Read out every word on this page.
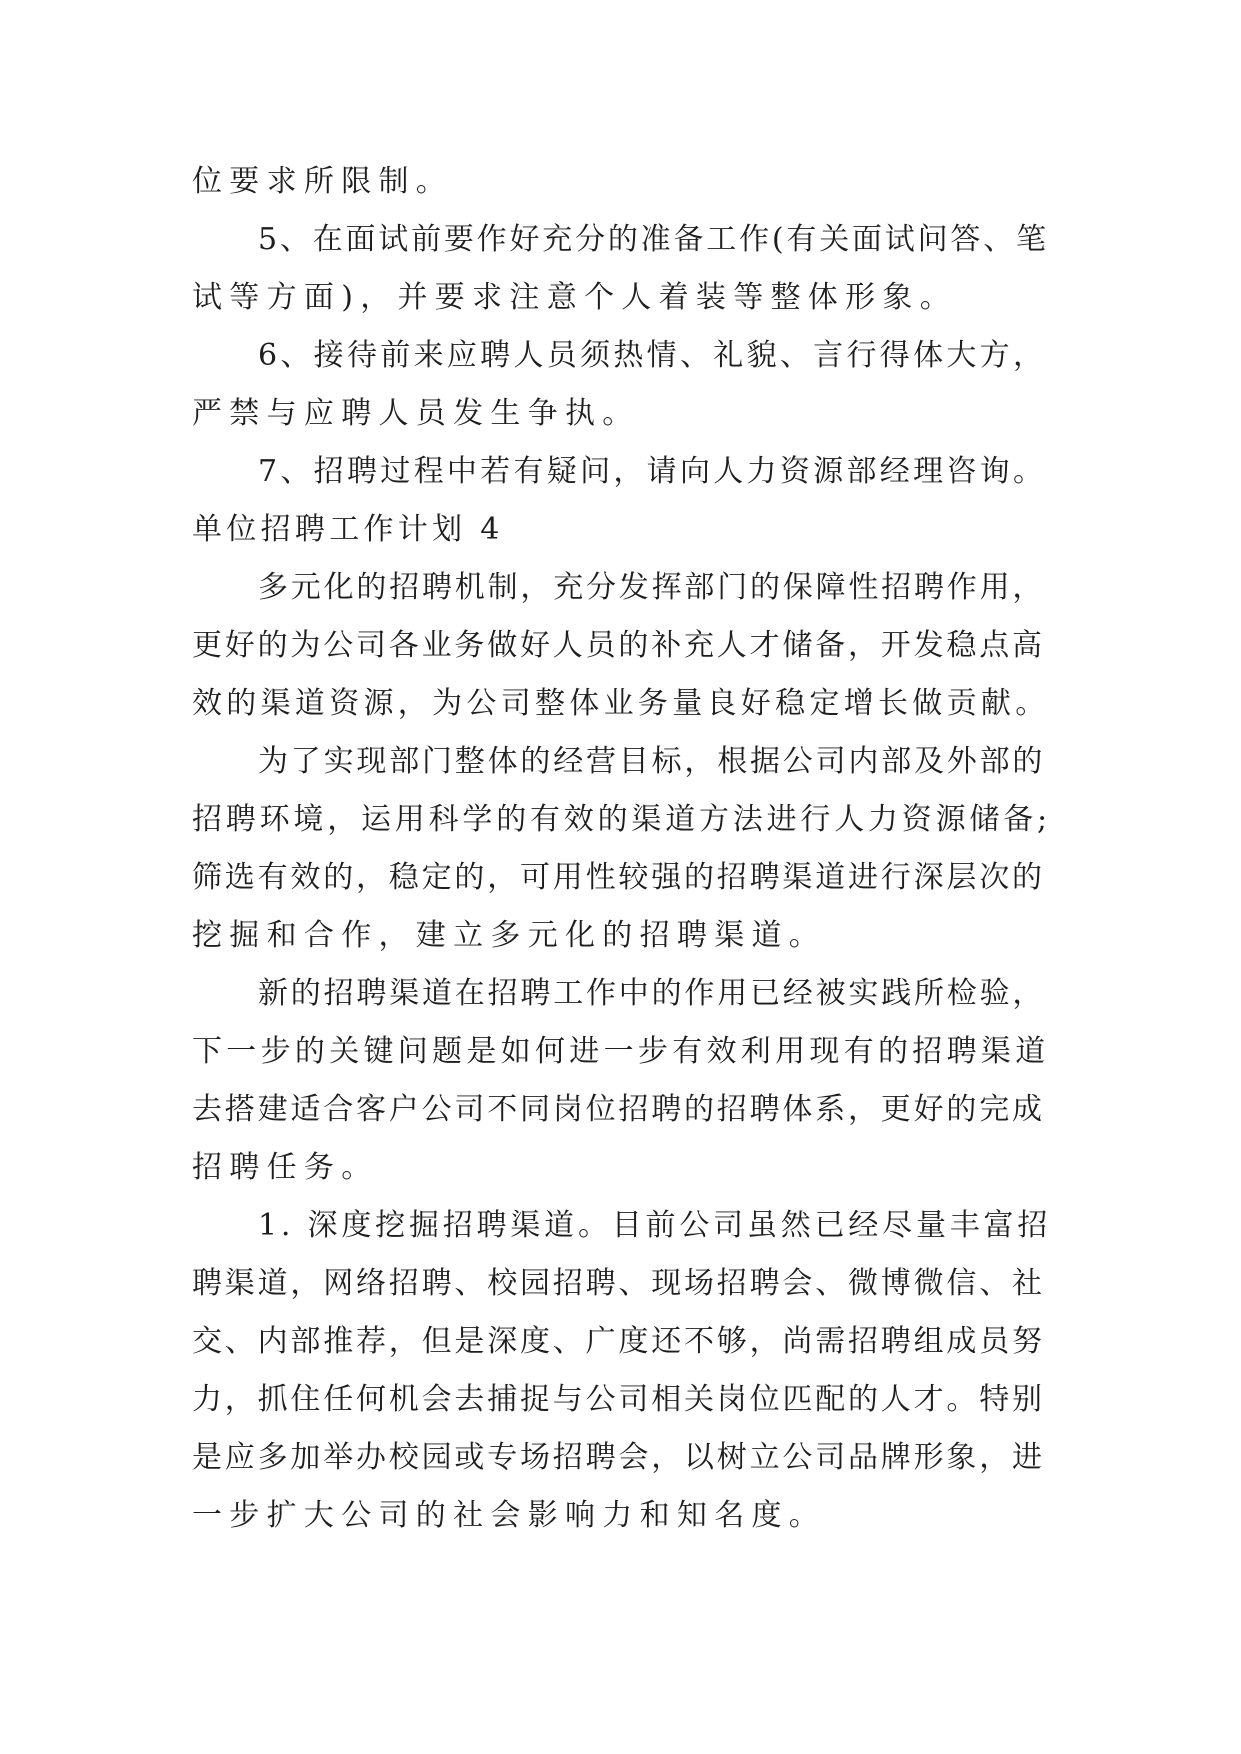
位要求所限制。

5、在面试前要作好充分的准备工作(有关面试问答、笔

试等方面)，并要求注意个人着装等整体形象。

6、接待前来应聘人员须热情、礼貌、言行得体大方，

严禁与应聘人员发生争执。

7、招聘过程中若有疑问，请向人力资源部经理咨询。

单位招聘工作计划 4

多元化的招聘机制，充分发挥部门的保障性招聘作用，

更好的为公司各业务做好人员的补充人才储备，开发稳点高

效的渠道资源，为公司整体业务量良好稳定增长做贡献。

为了实现部门整体的经营目标，根据公司内部及外部的

招聘环境，运用科学的有效的渠道方法进行人力资源储备;

筛选有效的，稳定的，可用性较强的招聘渠道进行深层次的

挖掘和合作，建立多元化的招聘渠道。

新的招聘渠道在招聘工作中的作用已经被实践所检验，

下一步的关键问题是如何进一步有效利用现有的招聘渠道

去搭建适合客户公司不同岗位招聘的招聘体系，更好的完成

招聘任务。

1. 深度挖掘招聘渠道。目前公司虽然已经尽量丰富招

聘渠道，网络招聘、校园招聘、现场招聘会、微博微信、社

交、内部推荐，但是深度、广度还不够，尚需招聘组成员努

力，抓住任何机会去捕捉与公司相关岗位匹配的人才。特别

是应多加举办校园或专场招聘会，以树立公司品牌形象，进

一步扩大公司的社会影响力和知名度。
